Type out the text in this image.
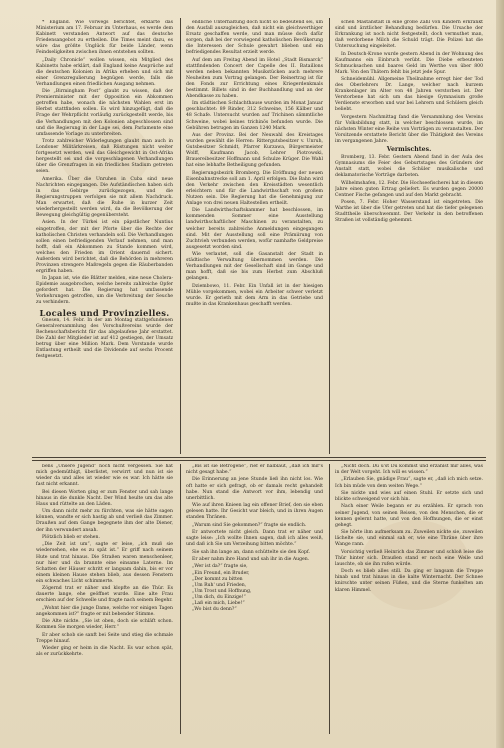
* England. Wie vorwegs berichtet, erklärte das Ministerium am 17. Februar im Unterhaus, es werde dem Kabinett verstanden Antwort auf das deutsche Friedensangebot zu ertheilen. Die Times meint dazu, es wäre das größte Unglück für beide Länder, wenn Feindseligkeiten zwischen ihnen entstehen sollten.

„Daily Chronicle“ wollen wissen, ein Mitglied des Kabinetts habe erklärt, daß England keine Ansprüche auf die deutschen Kolonien in Afrika erheben und sich mit einer Grenzregulierung begnügen werde, falls die Verhandlungen einen friedlichen Ausgang nehmen.

Die „Birmingham Post“ glaubt zu wissen, daß der Premierminister mit der Opposition ein Abkommen getroffen habe, wonach die nächsten Wahlen erst im Herbst stattfinden sollen. Es wird hinzugefügt, daß die Frage der Wehrpflicht vorläufig zurückgestellt werde, bis die Verhandlungen mit den Kolonien abgeschlossen sind und die Regierung in der Lage sei, dem Parlamente eine umfassende Vorlage zu unterbreiten.

Trotz zahlreicher Widerlegungen glaubt man auch in Londoner Militärkreisen, daß Rüstungen nicht weiter fortgesetzt werden, weil das Gleichgewicht in Ost-Afrika hergestellt sei und die vorgeschlagenen Verhandlungen über die Grenzfragen in ein friedliches Stadium getreten seien.

Amerika. Über die Unruhen in Cuba sind neue Nachrichten eingegangen. Die Aufständischen haben sich in das Gebirge zurückgezogen, und die Regierungstruppen verfolgen sie mit allem Nachdruck. Man erwartet, daß die Ruhe in kurzer Zeit wiederhergestellt werden wird, da die Bevölkerung der Bewegung gleichgültig gegenübersteht.

Asien. In der Türkei ist ein päpstlicher Nuntius eingetroffen, der mit der Pforte über die Rechte der katholischen Christen verhandeln soll. Die Verhandlungen sollen einen befriedigenden Verlauf nehmen, und man hofft, daß ein Abkommen zu Stande kommen wird, welches den Frieden im Orient dauernd sichert. Außerdem wird berichtet, daß die Behörden in mehreren Provinzen strengere Maßregeln gegen die Räuberbanden ergriffen haben.

In Japan ist, wie die Blätter melden, eine neue Cholera-Epidemie ausgebrochen, welche bereits zahlreiche Opfer gefordert hat. Die Regierung hat umfassende Vorkehrungen getroffen, um die Verbreitung der Seuche zu verhindern.

Locales und Provinzielles.

Gnesen, 14. Febr. In der am Montag stattgefundenen Generalversammlung des Vorschußvereins wurde der Rechenschaftsbericht für das abgelaufene Jahr erstattet. Die Zahl der Mitglieder ist auf 412 gestiegen, der Umsatz betrug über eine Million Mark. Dem Vorstande wurde Entlastung ertheilt und die Dividende auf sechs Procent festgesetzt.

endliche Unterhaltung doch nicht so bedeutend sei, um den Ausfall auszugleichen, daß nicht ein gleichwerthiger Ersatz geschaffen werde, und man müsse doch dafür sorgen, daß bei der vorwiegend katholischen Bevölkerung die Interessen der Schule gewahrt blieben und ein befriedigendes Resultat erzielt werde.

Auf dem am Freitag Abend im Hotel „Stadt Bismarck“ stattfindenden Concert der Capelle des II. Bataillons werden neben bekannten Musikstücken auch mehrere Neuheiten zum Vortrag gelangen. Der Reinertrag ist für den Fonds zur Errichtung eines Kriegerdenkmals bestimmt. Billets sind in der Buchhandlung und an der Abendkasse zu haben.

Im städtischen Schlachthause wurden im Monat Januar geschlachtet: 89 Rinder, 312 Schweine, 156 Kälber und 48 Schafe. Untersucht wurden auf Trichinen sämmtliche Schweine, wobei keines trichinös befunden wurde. Die Gebühren betrugen im Ganzen 1240 Mark.

Aus der Provinz. Bei der Neuwahl des Kreistages wurden gewählt die Herren: Rittergutsbesitzer v. Unruh, Gutsbesitzer Schmidt, Pfarrer Kurzawa, Bürgermeister Wolff, Kaufmann Jacob, Lehrer Piotrowski, Brauereibesitzer Hoffmann und Schulze Krüger. Die Wahl hat eine lebhafte Betheiligung gefunden.

Regierungsbezirk Bromberg. Die Eröffnung der neuen Eisenbahnstrecke soll am 1. April erfolgen. Die Bahn wird den Verkehr zwischen den Kreisstädten wesentlich erleichtern und für die Landwirthschaft von großem Nutzen sein. Die Regierung hat die Genehmigung zur Anlage von drei neuen Haltestellen ertheilt.

Die Landwirthschaftskammer hat beschlossen, im kommenden Sommer eine Ausstellung landwirthschaftlicher Maschinen zu veranstalten, zu welcher bereits zahlreiche Anmeldungen eingegangen sind. Mit der Ausstellung soll eine Prämiirung von Zuchtvieh verbunden werden, wofür namhafte Geldpreise ausgesetzt worden sind.

Wie verlautet, soll die Gasanstalt der Stadt in städtische Verwaltung übernommen werden. Die Verhandlungen mit der Gesellschaft sind im Gange und man hofft, daß sie bis zum Herbst zum Abschluß gelangen.

Dziembowo, 11. Febr. Ein Unfall ist in der hiesigen Mühle vorgekommen, wobei ein Arbeiter schwer verletzt wurde. Er gerieth mit dem Arm in das Getriebe und mußte in das Krankenhaus geschafft werden.

schen Mastanstalt in eine große Zahl von Kindern erkrankt sind und ärztlicher Behandlung bedürfen. Die Ursache der Erkrankung ist noch nicht festgestellt, doch vermuthet man, daß verdorbene Milch die Schuld trägt. Die Polizei hat die Untersuchung eingeleitet.

In Deutsch-Krone wurde gestern Abend in der Wohnung des Kaufmanns ein Einbruch verübt. Die Diebe erbeuteten Schmucksachen und baares Geld im Werthe von über 800 Mark. Von den Thätern fehlt bis jetzt jede Spur.

Schneidemühl. Allgemeine Theilnahme erregt hier der Tod des Oberlehrers Dr. Lange, welcher nach kurzem Krankenlager im Alter von 48 Jahren verstorben ist. Der Verstorbene hat sich um das hiesige Gymnasium große Verdienste erworben und war bei Lehrern und Schülern gleich beliebt.

Vorgestern Nachmittag fand die Versammlung des Vereins für Volksbildung statt, in welcher beschlossen wurde, im nächsten Winter eine Reihe von Vorträgen zu veranstalten. Der Vorsitzende erstattete Bericht über die Thätigkeit des Vereins im vergangenen Jahre.

Vermischtes.

Bromberg, 13. Febr. Gestern Abend fand in der Aula des Gymnasiums die Feier des Geburtstages des Gründers der Anstalt statt, wobei die Schüler musikalische und deklamatorische Vorträge darboten.

Wilhelmshafen, 12. Febr. Die Hochseefischerei hat in diesem Jahre einen guten Ertrag geliefert. Es wurden gegen 20000 Centner Fische gefangen und auf den Markt gebracht.

Posen, 7. Febr. Hoher Wasserstand ist eingetreten. Die Warthe ist über die Ufer getreten und hat die tiefer gelegenen Stadttheile überschwemmt. Der Verkehr in den betroffenen Straßen ist vollständig gehemmt.

bens „Unsere Jugend“ noch nicht vergessen. Sie hat mich gedemüthigt, überlistet, verwirrt und nun ist sie wieder da und alles ist wieder wie es war. Ich hätte sie fast nicht erkannt.

Bei diesen Worten ging er zum Fenster und sah lange hinaus in die dunkle Nacht. Der Wind heulte um das alte Haus und rüttelte an den Läden.

Um dann nicht mehr zu fürchten, was sie hätte sagen können, wandte er sich hastig ab und verließ das Zimmer. Draußen auf dem Gange begegnete ihm der alte Diener, der ihn verwundert ansah.

Plötzlich blieb er stehen.

„Die Zeit ist um“, sagte er leise, „ich muß sie wiedersehen, ehe es zu spät ist.“ Er griff nach seinem Hute und trat hinaus. Die Straßen waren menschenleer, nur hier und da brannte eine einsame Laterne. Im Schatten der Häuser schritt er langsam dahin, bis er vor einem kleinen Hause stehen blieb, aus dessen Fenstern ein schwaches Licht schimmerte.

Zögernd trat er näher und klopfte an die Thür. Es dauerte lange, ehe geöffnet wurde. Eine alte Frau erschien auf der Schwelle und fragte nach seinem Begehr.

„Wohnt hier die junge Dame, welche vor einigen Tagen angekommen ist?“ fragte er mit bebender Stimme.

Die Alte nickte. „Sie ist oben, doch sie schläft schon. Kommen Sie morgen wieder, Herr.“

Er aber schob sie sanft bei Seite und stieg die schmale Treppe hinauf.

Wieder ging er heim in die Nacht. Es war schon spät, als er zurückkehrte.

„Bis ist sie Betrogene“, rief er halblaut, „daß ich mir's nicht gesagt habe.“

Die Erinnerung an jene Stunde ließ ihn nicht los. Wie oft hatte er sich gefragt, ob er damals recht gehandelt habe. Nun stand die Antwort vor ihm, lebendig und unerbittlich.

Wie auf ihren Knieen lag ein offener Brief, den sie eben gelesen hatte. Ihr Gesicht war bleich, und in ihren Augen standen Thränen.

„Warum sind Sie gekommen?“ fragte sie endlich.

Er antwortete nicht gleich. Dann trat er näher und sagte leise: „Ich wollte Ihnen sagen, daß ich alles weiß, und daß ich Sie um Verzeihung bitten möchte.“

Sie sah ihn lange an, dann schüttelte sie den Kopf.

Er aber nahm ihre Hand und sah ihr in die Augen.

„Wer ist da?“ fragte sie,
„Ein Freund, ein Bruder,
„Der kommt zu bitten
„Um Ruh' und Frieden,
„Um Trost und Hoffnung,
„Um dich, du Einzige!“
„Laß ein mich, Liebe!“
„Wo bist du denn?“

„Nicht doch. Du u'st Du kommst und erzählst mir alles, was in der Welt vorgeht. Ich will es wissen.“

„Erlauben Sie, gnädige Frau“, sagte er, „daß ich mich setze. Ich bin müde von dem weiten Wege.“

Sie nickte und wies auf einen Stuhl. Er setzte sich und blickte schweigend vor sich hin.

Nach einer Weile begann er zu erzählen. Er sprach von seiner Jugend, von seinen Reisen, von den Menschen, die er kennen gelernt hatte, und von den Hoffnungen, die er einst gehegt.

Sie hörte ihm aufmerksam zu. Zuweilen nickte sie, zuweilen lächelte sie, und einmal sah er, wie eine Thräne über ihre Wange rann.

Vorsichtig verließ Heinrich das Zimmer und schloß leise die Thür hinter sich. Draußen stand er noch eine Weile und lauschte, ob sie ihn rufen würde.

Doch es blieb alles still. Da ging er langsam die Treppe hinab und trat hinaus in die kalte Winternacht. Der Schnee knirschte unter seinen Füßen, und die Sterne funkelten am klaren Himmel.
